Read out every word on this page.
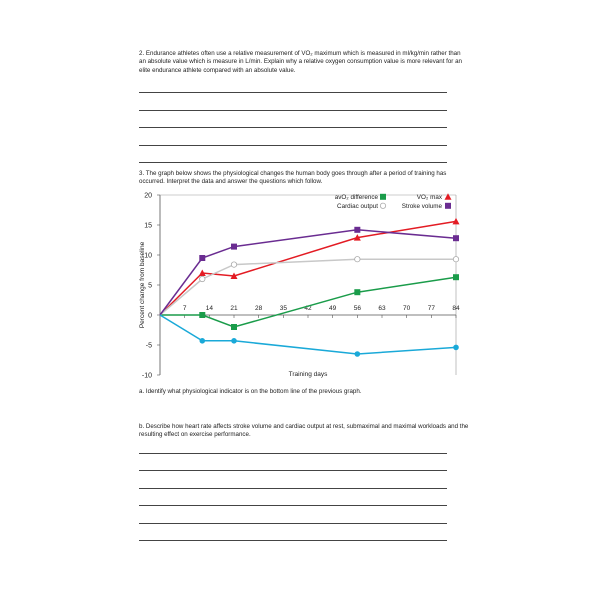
2. Endurance athletes often use a relative measurement of VO₂ maximum which is measured in ml/kg/min rather than an absolute value which is measure in L/min. Explain why a relative oxygen consumption value is more relevant for an elite endurance athlete compared with an absolute value.

3. The graph below shows the physiological changes the human body goes through after a period of training has occurred. Interpret the data and answer the questions which follow.

20
15
10
5
0
-5
-10
7	14	21	28	35	42	49	56	63	70	77	84
Training days
Percent change from baseline
avO₂ difference	VO₂ max
Cardiac output	Stroke volume

a. Identify what physiological indicator is on the bottom line of the previous graph.

b. Describe how heart rate affects stroke volume and cardiac output at rest, submaximal and maximal workloads and the resulting effect on exercise performance.
